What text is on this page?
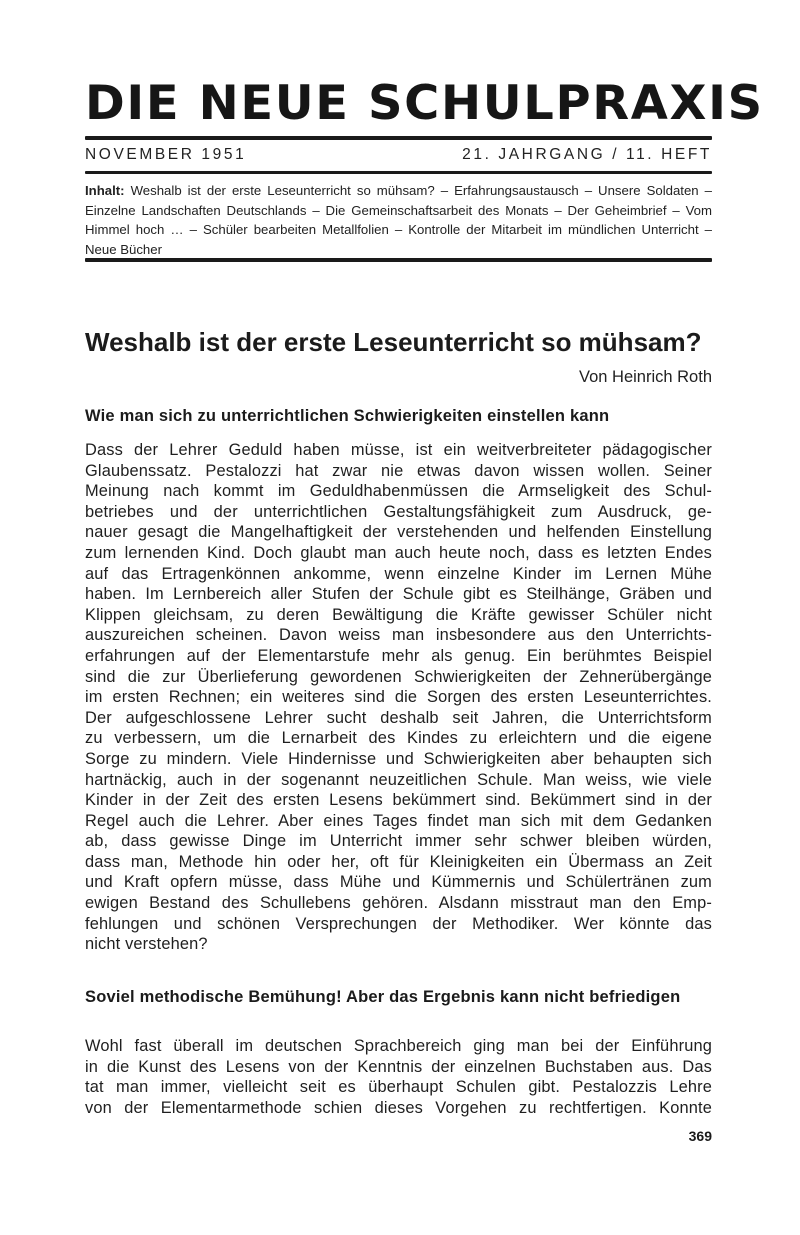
DIE NEUE SCHULPRAXIS
NOVEMBER 1951	21. JAHRGANG / 11. HEFT
Inhalt: Weshalb ist der erste Leseunterricht so mühsam? – Erfahrungsaustausch – Unsere Soldaten – Einzelne Landschaften Deutschlands – Die Gemeinschaftsarbeit des Monats – Der Geheimbrief – Vom Himmel hoch … – Schüler bearbeiten Metallfolien – Kontrolle der Mitarbeit im mündlichen Unterricht – Neue Bücher
Weshalb ist der erste Leseunterricht so mühsam?
Von Heinrich Roth
Wie man sich zu unterrichtlichen Schwierigkeiten einstellen kann
Dass der Lehrer Geduld haben müsse, ist ein weitverbreiteter pädagogischer
Glaubenssatz. Pestalozzi hat zwar nie etwas davon wissen wollen. Seiner
Meinung nach kommt im Geduldhabenmüssen die Armseligkeit des Schul-
betriebes und der unterrichtlichen Gestaltungsfähigkeit zum Ausdruck, ge-
nauer gesagt die Mangelhaftigkeit der verstehenden und helfenden Einstellung
zum lernenden Kind. Doch glaubt man auch heute noch, dass es letzten Endes
auf das Ertragenkönnen ankomme, wenn einzelne Kinder im Lernen Mühe
haben. Im Lernbereich aller Stufen der Schule gibt es Steilhänge, Gräben und
Klippen gleichsam, zu deren Bewältigung die Kräfte gewisser Schüler nicht
auszureichen scheinen. Davon weiss man insbesondere aus den Unterrichts-
erfahrungen auf der Elementarstufe mehr als genug. Ein berühmtes Beispiel
sind die zur Überlieferung gewordenen Schwierigkeiten der Zehnerübergänge
im ersten Rechnen; ein weiteres sind die Sorgen des ersten Leseunterrichtes.
Der aufgeschlossene Lehrer sucht deshalb seit Jahren, die Unterrichtsform
zu verbessern, um die Lernarbeit des Kindes zu erleichtern und die eigene
Sorge zu mindern. Viele Hindernisse und Schwierigkeiten aber behaupten sich
hartnäckig, auch in der sogenannt neuzeitlichen Schule. Man weiss, wie viele
Kinder in der Zeit des ersten Lesens bekümmert sind. Bekümmert sind in der
Regel auch die Lehrer. Aber eines Tages findet man sich mit dem Gedanken
ab, dass gewisse Dinge im Unterricht immer sehr schwer bleiben würden,
dass man, Methode hin oder her, oft für Kleinigkeiten ein Übermass an Zeit
und Kraft opfern müsse, dass Mühe und Kümmernis und Schülertränen zum
ewigen Bestand des Schullebens gehören. Alsdann misstraut man den Emp-
fehlungen und schönen Versprechungen der Methodiker. Wer könnte das
nicht verstehen?
Soviel methodische Bemühung! Aber das Ergebnis kann nicht befriedigen
Wohl fast überall im deutschen Sprachbereich ging man bei der Einführung
in die Kunst des Lesens von der Kenntnis der einzelnen Buchstaben aus. Das
tat man immer, vielleicht seit es überhaupt Schulen gibt. Pestalozzis Lehre
von der Elementarmethode schien dieses Vorgehen zu rechtfertigen. Konnte
369
